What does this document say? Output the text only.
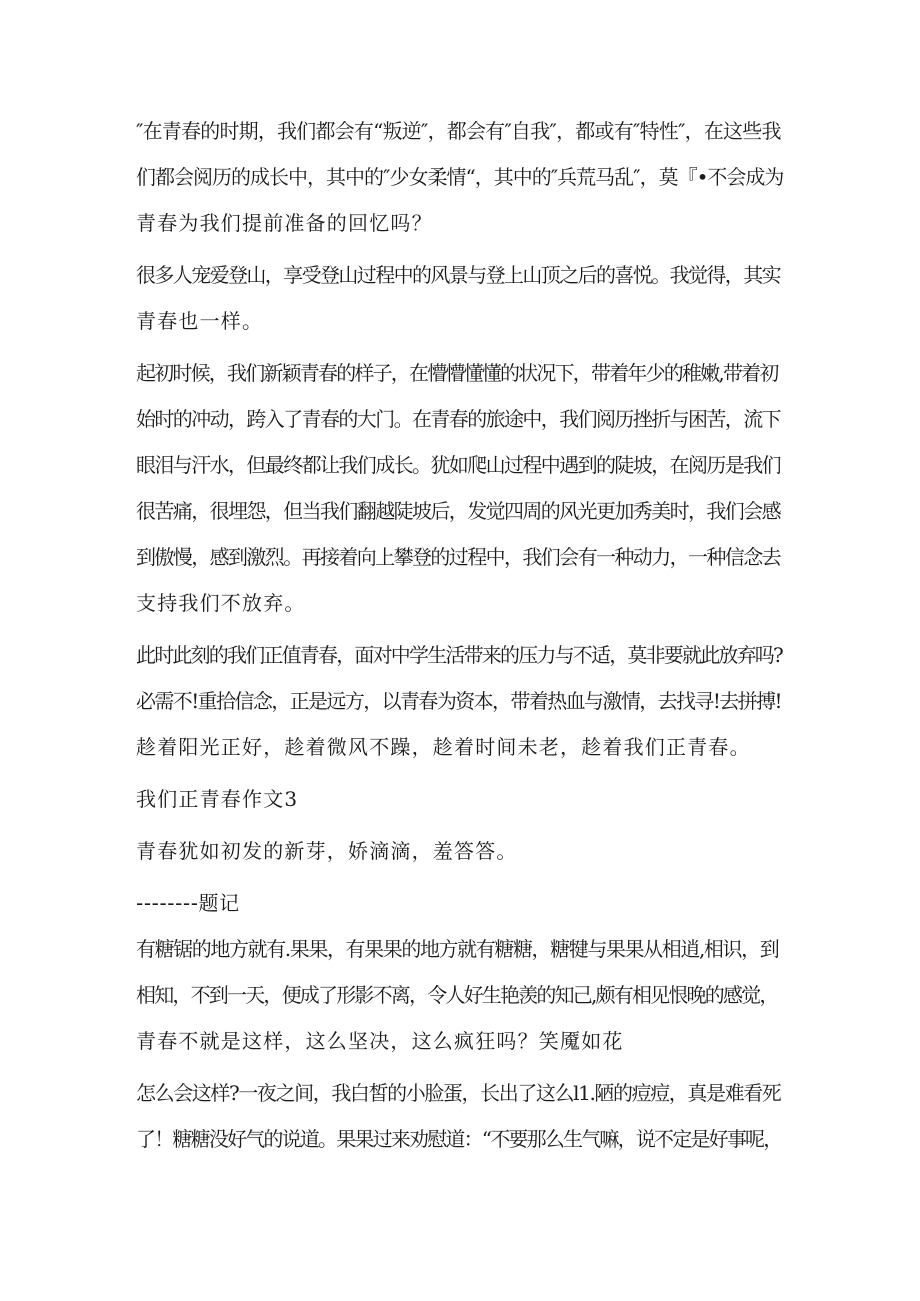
″在青春的时期，我们都会有“叛逆″，都会有″自我″，都或有″特性″，在这些我
们都会阅历的成长中，其中的″少女柔情“，其中的″兵荒马乱″，莫『•不会成为
青春为我们提前准备的回忆吗？
很多人宠爱登山，享受登山过程中的风景与登上山顶之后的喜悦。我觉得，其实
青春也一样。
起初时候，我们新颖青春的样子，在懵懵懂懂的状况下，带着年少的稚嫩,带着初
始时的冲动，跨入了青春的大门。在青春的旅途中，我们阅历挫折与困苦，流下
眼泪与汗水，但最终都让我们成长。犹如爬山过程中遇到的陡坡，在阅历是我们
很苦痛，很埋怨，但当我们翻越陡坡后，发觉四周的风光更加秀美时，我们会感
到傲慢，感到激烈。再接着向上攀登的过程中，我们会有一种动力，一种信念去
支持我们不放弃。
此时此刻的我们正值青春，面对中学生活带来的压力与不适，莫非要就此放弃吗?
必需不!重拾信念，正是远方，以青春为资本，带着热血与激情，去找寻!去拼搏!
趁着阳光正好，趁着微风不躁，趁着时间未老，趁着我们正青春。
我们正青春作文3
青春犹如初发的新芽，娇滴滴，羞答答。
--------题记
有糖锯的地方就有.果果，有果果的地方就有糖糖，糖犍与果果从相逍,相识，到
相知，不到一天，便成了形影不离，令人好生艳羡的知己,颇有相见恨晚的感觉，
青春不就是这样，这么坚决，这么疯狂吗？笑魇如花
怎么会这样?一夜之间，我白皙的小脸蛋，长出了这么l1.陋的痘痘，真是难看死
了！糖糖没好气的说道。果果过来劝慰道：“不要那么生气嘛，说不定是好事呢，
